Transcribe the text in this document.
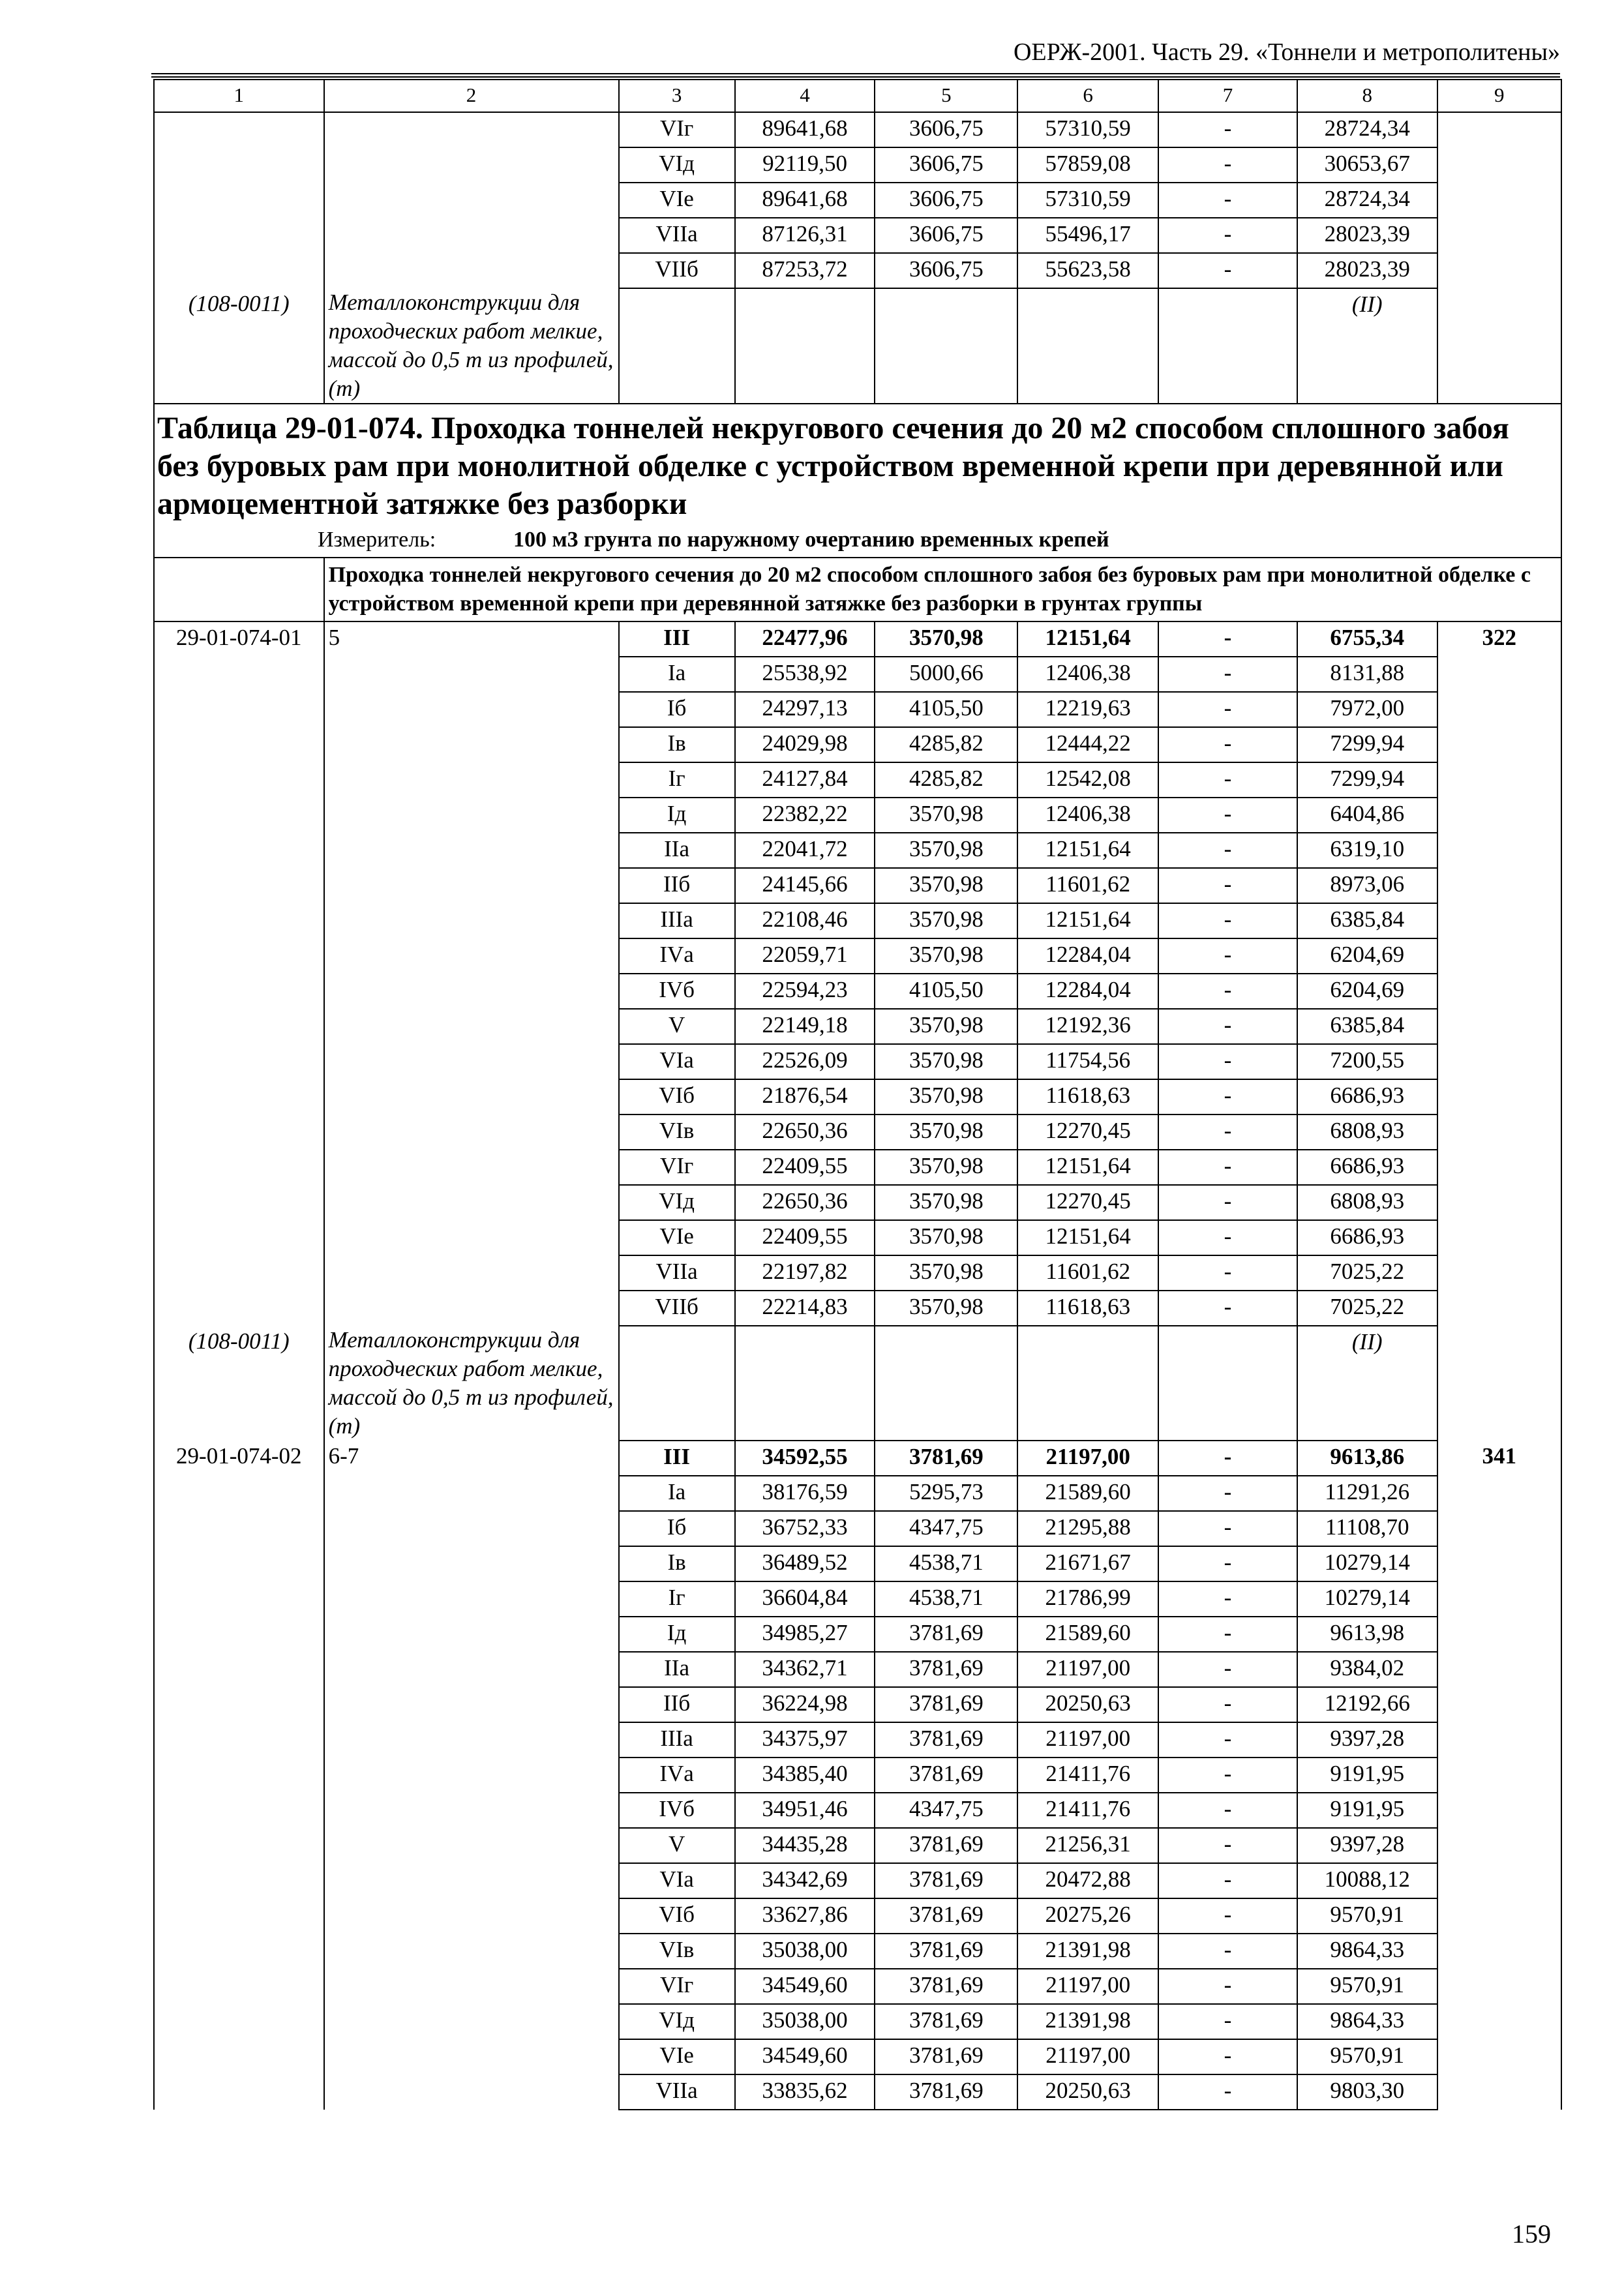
ОЕРЖ-2001. Часть 29. «Тоннели и метрополитены»
1	2	3	4	5	6	7	8	9
		VIг	89641,68	3606,75	57310,59	-	28724,34	
		VIд	92119,50	3606,75	57859,08	-	30653,67	
		VIе	89641,68	3606,75	57310,59	-	28724,34	
		VIIа	87126,31	3606,75	55496,17	-	28023,39	
		VIIб	87253,72	3606,75	55623,58	-	28023,39	
(108-0011)	Металлоконструкции для проходческих работ мелкие, массой до 0,5 т из профилей, (т)						(II)	

Таблица 29-01-074. Проходка тоннелей некругового сечения до 20 м2 способом сплошного забоя без буровых рам при монолитной обделке с устройством временной крепи при деревянной или армоцементной затяжке без разборки
Измеритель: 100 м3 грунта по наружному очертанию временных крепей								

	Проходка тоннелей некругового сечения до 20 м2 способом сплошного забоя без буровых рам при монолитной обделке с устройством временной крепи при деревянной затяжке без разборки в грунтах группы							
29-01-074-01	5	III	22477,96	3570,98	12151,64	-	6755,34	322
		Iа	25538,92	5000,66	12406,38	-	8131,88	
		Iб	24297,13	4105,50	12219,63	-	7972,00	
		Iв	24029,98	4285,82	12444,22	-	7299,94	
		Iг	24127,84	4285,82	12542,08	-	7299,94	
		Iд	22382,22	3570,98	12406,38	-	6404,86	
		IIа	22041,72	3570,98	12151,64	-	6319,10	
		IIб	24145,66	3570,98	11601,62	-	8973,06	
		IIIа	22108,46	3570,98	12151,64	-	6385,84	
		IVа	22059,71	3570,98	12284,04	-	6204,69	
		IVб	22594,23	4105,50	12284,04	-	6204,69	
		V	22149,18	3570,98	12192,36	-	6385,84	
		VIа	22526,09	3570,98	11754,56	-	7200,55	
		VIб	21876,54	3570,98	11618,63	-	6686,93	
		VIв	22650,36	3570,98	12270,45	-	6808,93	
		VIг	22409,55	3570,98	12151,64	-	6686,93	
		VIд	22650,36	3570,98	12270,45	-	6808,93	
		VIе	22409,55	3570,98	12151,64	-	6686,93	
		VIIа	22197,82	3570,98	11601,62	-	7025,22	
		VIIб	22214,83	3570,98	11618,63	-	7025,22	
(108-0011)	Металлоконструкции для проходческих работ мелкие, массой до 0,5 т из профилей, (т)						(II)	
29-01-074-02	6-7	III	34592,55	3781,69	21197,00	-	9613,86	341
		Iа	38176,59	5295,73	21589,60	-	11291,26	
		Iб	36752,33	4347,75	21295,88	-	11108,70	
		Iв	36489,52	4538,71	21671,67	-	10279,14	
		Iг	36604,84	4538,71	21786,99	-	10279,14	
		Iд	34985,27	3781,69	21589,60	-	9613,98	
		IIа	34362,71	3781,69	21197,00	-	9384,02	
		IIб	36224,98	3781,69	20250,63	-	12192,66	
		IIIа	34375,97	3781,69	21197,00	-	9397,28	
		IVа	34385,40	3781,69	21411,76	-	9191,95	
		IVб	34951,46	4347,75	21411,76	-	9191,95	
		V	34435,28	3781,69	21256,31	-	9397,28	
		VIа	34342,69	3781,69	20472,88	-	10088,12	
		VIб	33627,86	3781,69	20275,26	-	9570,91	
		VIв	35038,00	3781,69	21391,98	-	9864,33	
		VIг	34549,60	3781,69	21197,00	-	9570,91	
		VIд	35038,00	3781,69	21391,98	-	9864,33	
		VIе	34549,60	3781,69	21197,00	-	9570,91	
		VIIа	33835,62	3781,69	20250,63	-	9803,30	
159
